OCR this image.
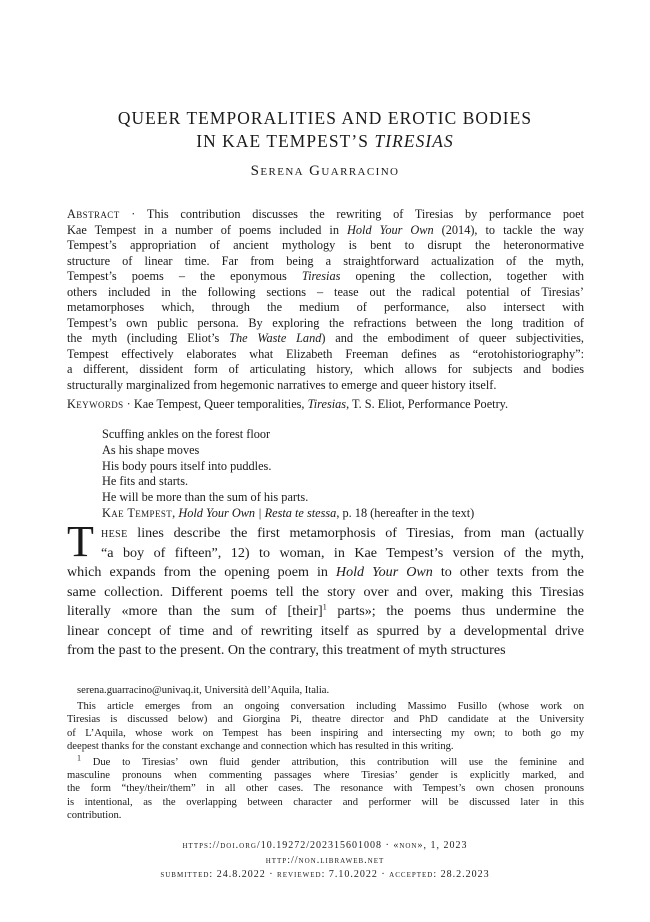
QUEER TEMPORALITIES AND EROTIC BODIES
IN KAE TEMPEST’S TIRESIAS
Serena Guarracino
Abstract · This contribution discusses the rewriting of Tiresias by performance poet
Kae Tempest in a number of poems included in Hold Your Own (2014), to tackle the way
Tempest’s appropriation of ancient mythology is bent to disrupt the heteronormative
structure of linear time. Far from being a straightforward actualization of the myth,
Tempest’s poems – the eponymous Tiresias opening the collection, together with
others included in the following sections – tease out the radical potential of Tiresias’
metamorphoses which, through the medium of performance, also intersect with
Tempest’s own public persona. By exploring the refractions between the long tradition of
the myth (including Eliot’s The Waste Land) and the embodiment of queer subjectivities,
Tempest effectively elaborates what Elizabeth Freeman defines as “erotohistoriography”:
a different, dissident form of articulating history, which allows for subjects and bodies
structurally marginalized from hegemonic narratives to emerge and queer history itself.
Keywords · Kae Tempest, Queer temporalities, Tiresias, T. S. Eliot, Performance Poetry.
Scuffing ankles on the forest floor
As his shape moves
His body pours itself into puddles.
He fits and starts.
He will be more than the sum of his parts.
Kae Tempest, Hold Your Own | Resta te stessa, p. 18 (hereafter in the text)
T hese lines describe the first metamorphosis of Tiresias, from man (actually
“a boy of fifteen”, 12) to woman, in Kae Tempest’s version of the myth,
which expands from the opening poem in Hold Your Own to other texts from the
same collection. Different poems tell the story over and over, making this Tiresias
literally «more than the sum of [their]$^1$ parts»; the poems thus undermine the
linear concept of time and of rewriting itself as spurred by a developmental drive
from the past to the present. On the contrary, this treatment of myth structures
serena.guarracino@univaq.it, Università dell’Aquila, Italia.
This article emerges from an ongoing conversation including Massimo Fusillo (whose work on
Tiresias is discussed below) and Giorgina Pi, theatre director and PhD candidate at the University
of L’Aquila, whose work on Tempest has been inspiring and intersecting my own; to both go my
deepest thanks for the constant exchange and connection which has resulted in this writing.
$^1$ Due to Tiresias’ own fluid gender attribution, this contribution will use the feminine and
masculine pronouns when commenting passages where Tiresias’ gender is explicitly marked, and
the form “they/their/them” in all other cases. The resonance with Tempest’s own chosen pronouns
is intentional, as the overlapping between character and performer will be discussed later in this
contribution.
https://doi.org/10.19272/202315601008 · «non», 1, 2023
http://non.libraweb.net
submitted: 24.8.2022 · reviewed: 7.10.2022 · accepted: 28.2.2023
